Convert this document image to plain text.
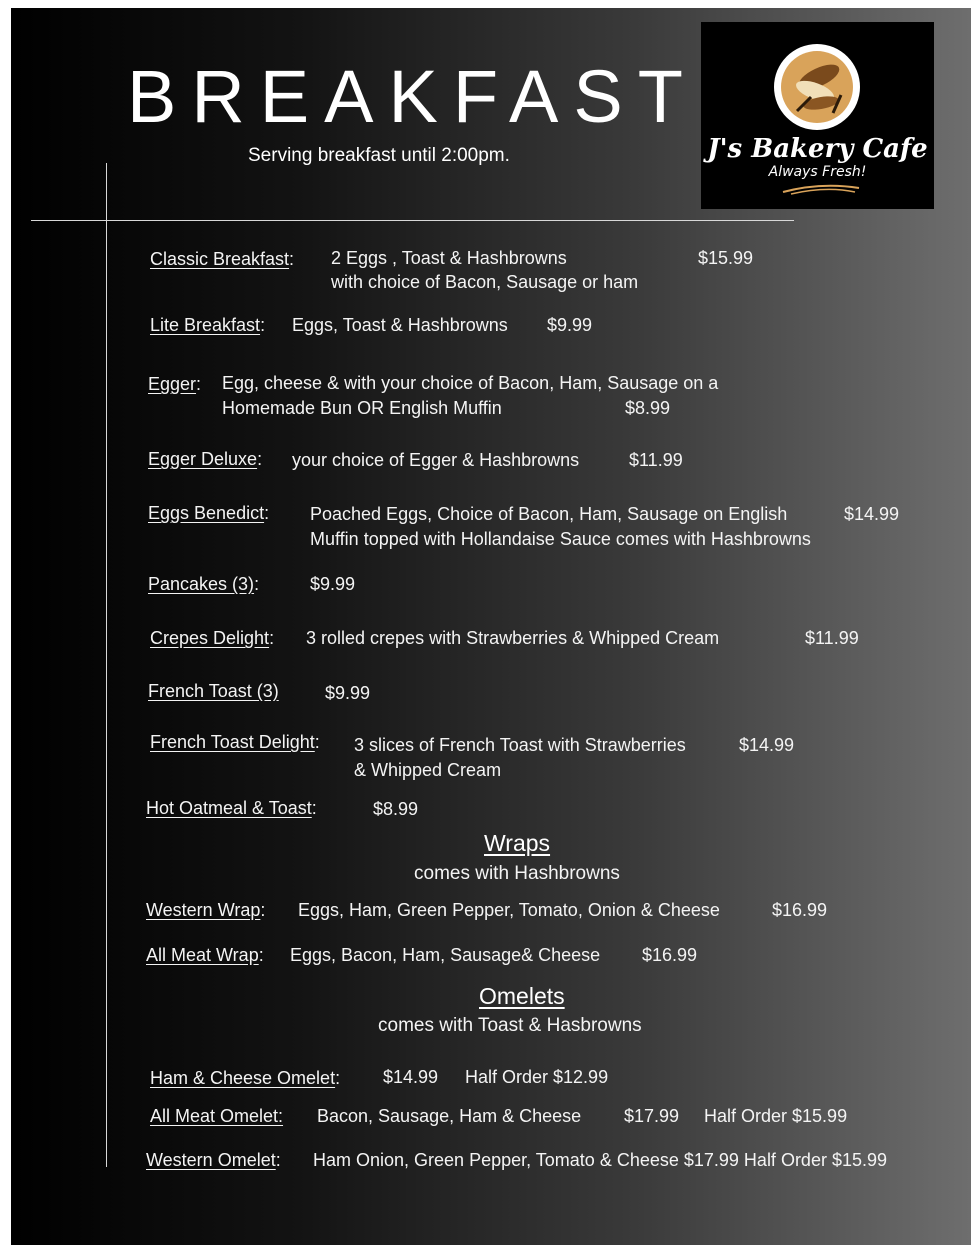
BREAKFAST
Serving breakfast until 2:00pm.	J's Bakery Cafe
Always Fresh!
Classic Breakfast: 2 Eggs , Toast & Hashbrowns
with choice of Bacon, Sausage or ham
$15.99
Lite Breakfast: Eggs, Toast & Hashbrowns $9.99
Egger: Egg, cheese & with your choice of Bacon, Ham, Sausage on a
Homemade Bun OR English Muffin	$8.99
Egger Deluxe: your choice of Egger & Hashbrowns	$11.99
Eggs Benedict: Poached Eggs, Choice of Bacon, Ham, Sausage on English
Muffin topped with Hollandaise Sauce comes with Hashbrowns
$14.99
Pancakes (3):	$9.99
Crepes Delight: 3 rolled crepes with Strawberries & Whipped Cream	$11.99
French Toast (3)	$9.99
French Toast Delight: 3 slices of French Toast with Strawberries
& Whipped Cream
$14.99
Hot Oatmeal & Toast:	$8.99
Wraps
comes with Hashbrowns
Western Wrap: Eggs, Ham, Green Pepper, Tomato, Onion & Cheese	$16.99
All Meat Wrap: Eggs, Bacon, Ham, Sausage& Cheese $16.99
Omelets
comes with Toast & Hasbrowns
Ham & Cheese Omelet: $14.99 Half Order $12.99
All Meat Omelet: Bacon, Sausage, Ham & Cheese $17.99 Half Order $15.99
Western Omelet: Ham Onion, Green Pepper, Tomato & Cheese $17.99 Half Order $15.99
